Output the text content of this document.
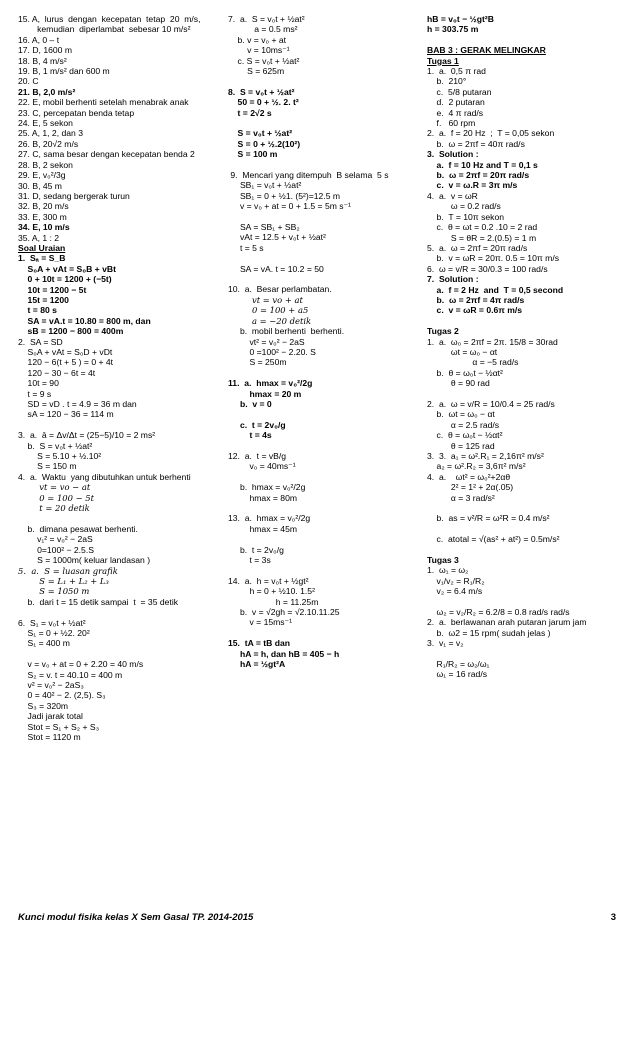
15. A,  lurus  dengan  kecepatan  tetap  20  m/s,
kemudian  diperlambat  sebesar 10 m/s²
16. A, 0 – t
17. D, 1600 m
18. B, 4 m/s²
19. B, 1 m/s² dan 600 m
20. C
21. B, 2,0 m/s²
22. E, mobil berhenti setelah menabrak anak
23. C, percepatan benda tetap
24. E, 5 sekon
25. A, 1, 2, dan 3
26. B, 20√2 m/s
27. C, sama besar dengan kecepatan benda 2
28. B, 2 sekon
29. E, v₀²/3g
30. B, 45 m
31. D, sedang bergerak turun
32. B, 20 m/s
33. E, 300 m
34. E, 10 m/s
35. A, 1 : 2
Soal Uraian
1.  Sₐ = S_B
S₀A + vAt = S₀B + vBt
0 + 10t = 1200 + (−5t)
10t = 1200 − 5t
15t = 1200
t = 80 s
SA = vA.t = 10.80 = 800 m, dan
sB = 1200 − 800 = 400m
2.  SA = SD
S₀A + vAt = S₀D + vDt
120 − 6(t + 5 ) = 0 + 4t
120 − 30 − 6t = 4t
10t = 90
t = 9 s
SD = vD . t = 4.9 = 36 m dan
sA = 120 − 36 = 114 m
3.  a.  ā = Δv/Δt = (25−5)/10 = 2 ms²
b.  S = v₀t + ½at²
S = 5.10 + ½.10²
S = 150 m
4.  a.  Waktu  yang dibutuhkan untuk berhenti
vt = vo − at
0 = 100 − 5t
t = 20 detik
b.  dimana pesawat berhenti.
v₁² = v₀² − 2aS
0=100² − 2.5.S
S = 1000m( keluar landasan )
5.  a.  S = luasan grafik
S = L₁ + L₂ + L₃
S = 1050 m
b.  dari t = 15 detik sampai  t  = 35 detik
6.  S₁ = v₀t + ½at²
S₁ = 0 + ½2. 20²
S₁ = 400 m
v = v₀ + at = 0 + 2.20 = 40 m/s
S₂ = v. t = 40.10 = 400 m
v² = v₀² − 2aS₃
0 = 40² − 2. (2,5). S₃
S₃ = 320m
Jadi jarak total
Stot = S₁ + S₂ + S₃
Stot = 1120 m
7.  a.  S = v₀t + ½at²
a = 0.5 ms²
b. v = v₀ + at
v = 10ms⁻¹
c. S = v₀t + ½at²
S = 625m
8.  S = v₀t + ½at²
50 = 0 + ½. 2. t²
t = 2√2 s
S = v₀t + ½at²
S = 0 + ½.2(10²)
S = 100 m
9.  Mencari yang ditempuh  B selama  5 s
SB₁ = v₀t + ½at²
SB₁ = 0 + ½1. (5²)=12.5 m
v = v₀ + at = 0 + 1.5 = 5m s⁻¹
SA = SB₁ + SB₂
vAt = 12.5 + v₀t + ½at²
t = 5 s
SA = vA. t = 10.2 = 50
10.  a.  Besar perlambatan.
vt = vo + at
0 = 100 + a5
a = −20 detik
b.  mobil berhenti  berhenti.
vt² = v₀² − 2aS
0 =100² − 2.20. S
S = 250m
11.  a.  hmax = v₀²/2g
hmax = 20 m
b.  v = 0
c.  t = 2v₀/g
t = 4s
12.  a.  t = vB/g
v₀ = 40ms⁻¹
b.  hmax = v₀²/2g
hmax = 80m
13.  a.  hmax = v₀²/2g
hmax = 45m
b.  t = 2v₀/g
t = 3s
14.  a.  h = v₀t + ½gt²
h = 0 + ½10. 1.5²
h = 11.25m
b.  v = √2gh = √2.10.11.25
v = 15ms⁻¹
15.  tA = tB dan
hA = h, dan hB = 405 − h
hA = ½gt²A
hB = v₀t − ½gt²B
h = 303.75 m
BAB 3 : GERAK MELINGKAR
Tugas 1
1.  a.  0,5 π rad
b.  210°
c.  5/8 putaran
d.  2 putaran
e.  4 π rad/s
f.   60 rpm
2.  a.  f = 20 Hz  ;  T = 0,05 sekon
b.  ω = 2πf = 40π rad/s
3.  Solution :
a.  f = 10 Hz and T = 0,1 s
b.  ω = 2πf = 20π rad/s
c.  v = ω.R = 3π m/s
4.  a.  v = ωR
ω = 0.2 rad/s
b.  T = 10π sekon
c.  θ = ωt = 0.2 .10 = 2 rad
S = θR = 2.(0.5) = 1 m
5.  a.  ω = 2πf = 20π rad/s
b.  v = ωR = 20π. 0.5 = 10π m/s
6.  ω = v/R = 30/0.3 = 100 rad/s
7.  Solution :
a.  f = 2 Hz  and  T = 0,5 second
b.  ω = 2πf = 4π rad/s
c.  v = ωR = 0.6π m/s
Tugas 2
1.  a.  ω₀ = 2πf = 2π. 15/8 = 30rad
ωt = ω₀ − αt
α = −5 rad/s
b.  θ = ω₀t − ½αt²
θ = 90 rad
2.  a.  ω = v/R = 10/0.4 = 25 rad/s
b.  ωt = ω₀ − αt
α = 2.5 rad/s
c.  θ = ω₀t − ½αt²
θ = 125 rad
3.  3.  a₁ = ω².R₁ = 2,16π² m/s²
a₂ = ω².R₂ = 3,6π² m/s²
4.  a.    ωt² = ω₀²+2αθ
2² = 1² + 2α(.05)
α = 3 rad/s²
b.  as = v²/R = ω²R = 0.4 m/s²
c.  atotal = √(as² + at²) = 0.5m/s²
Tugas 3
1.  ω₁ = ω₂
v₁/v₂ = R₁/R₂
v₂ = 6.4 m/s
ω₂ = v₂/R₂ = 6.2/8 = 0.8 rad/s rad/s
2.  a.  berlawanan arah putaran jarum jam
b.  ω2 = 15 rpm( sudah jelas )
3.  v₁ = v₂
R₁/R₂ = ω₂/ω₁
ω₁ = 16 rad/s
Kunci modul fisika kelas X Sem Gasal TP. 2014-2015	3
